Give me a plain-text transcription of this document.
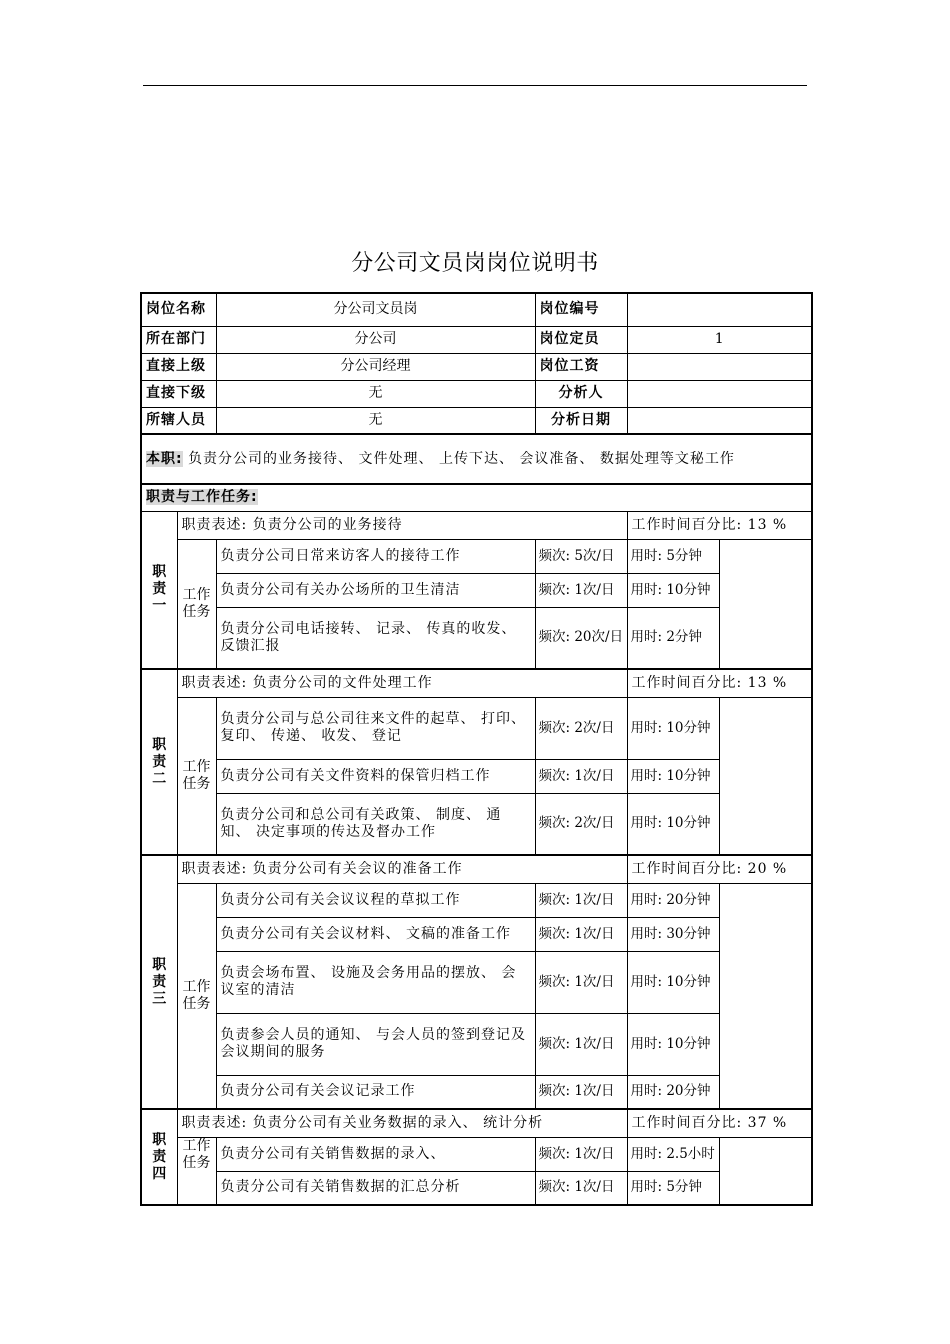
分公司文员岗岗位说明书
岗位名称		分公司文员岗	岗位编号	
所在部门		分公司	岗位定员	1
直接上级		分公司经理	岗位工资	
直接下级		无	分析人	
所辖人员		无	分析日期	
本职: 负责分公司的业务接待、 文件处理、 上传下达、 会议准备、 数据处理等文秘工作				
职责与工作任务:				
职责一	职责表述: 负责分公司的业务接待			工作时间百分比: 13 %
	工作任务	负责分公司日常来访客人的接待工作	频次: 5次/日	用时: 5分钟
		负责分公司有关办公场所的卫生清洁	频次: 1次/日	用时: 10分钟
		负责分公司电话接转、 记录、 传真的收发、 反馈汇报	频次: 20次/日	用时: 2分钟
职责二	职责表述: 负责分公司的文件处理工作			工作时间百分比: 13 %
	工作任务	负责分公司与总公司往来文件的起草、 打印、 复印、 传递、 收发、 登记	频次: 2次/日	用时: 10分钟
		负责分公司有关文件资料的保管归档工作	频次: 1次/日	用时: 10分钟
		负责分公司和总公司有关政策、 制度、 通知、 决定事项的传达及督办工作	频次: 2次/日	用时: 10分钟
职责三	职责表述: 负责分公司有关会议的准备工作			工作时间百分比: 20 %
	工作任务	负责分公司有关会议议程的草拟工作	频次: 1次/日	用时: 20分钟
		负责分公司有关会议材料、 文稿的准备工作	频次: 1次/日	用时: 30分钟
		负责会场布置、 设施及会务用品的摆放、 会议室的清洁	频次: 1次/日	用时: 10分钟
		负责参会人员的通知、 与会人员的签到登记及会议期间的服务	频次: 1次/日	用时: 10分钟
		负责分公司有关会议记录工作	频次: 1次/日	用时: 20分钟
职责四	职责表述: 负责分公司有关业务数据的录入、 统计分析			工作时间百分比: 37 %
	工作任务	负责分公司有关销售数据的录入、	频次: 1次/日	用时: 2.5小时
		负责分公司有关销售数据的汇总分析	频次: 1次/日	用时: 5分钟
